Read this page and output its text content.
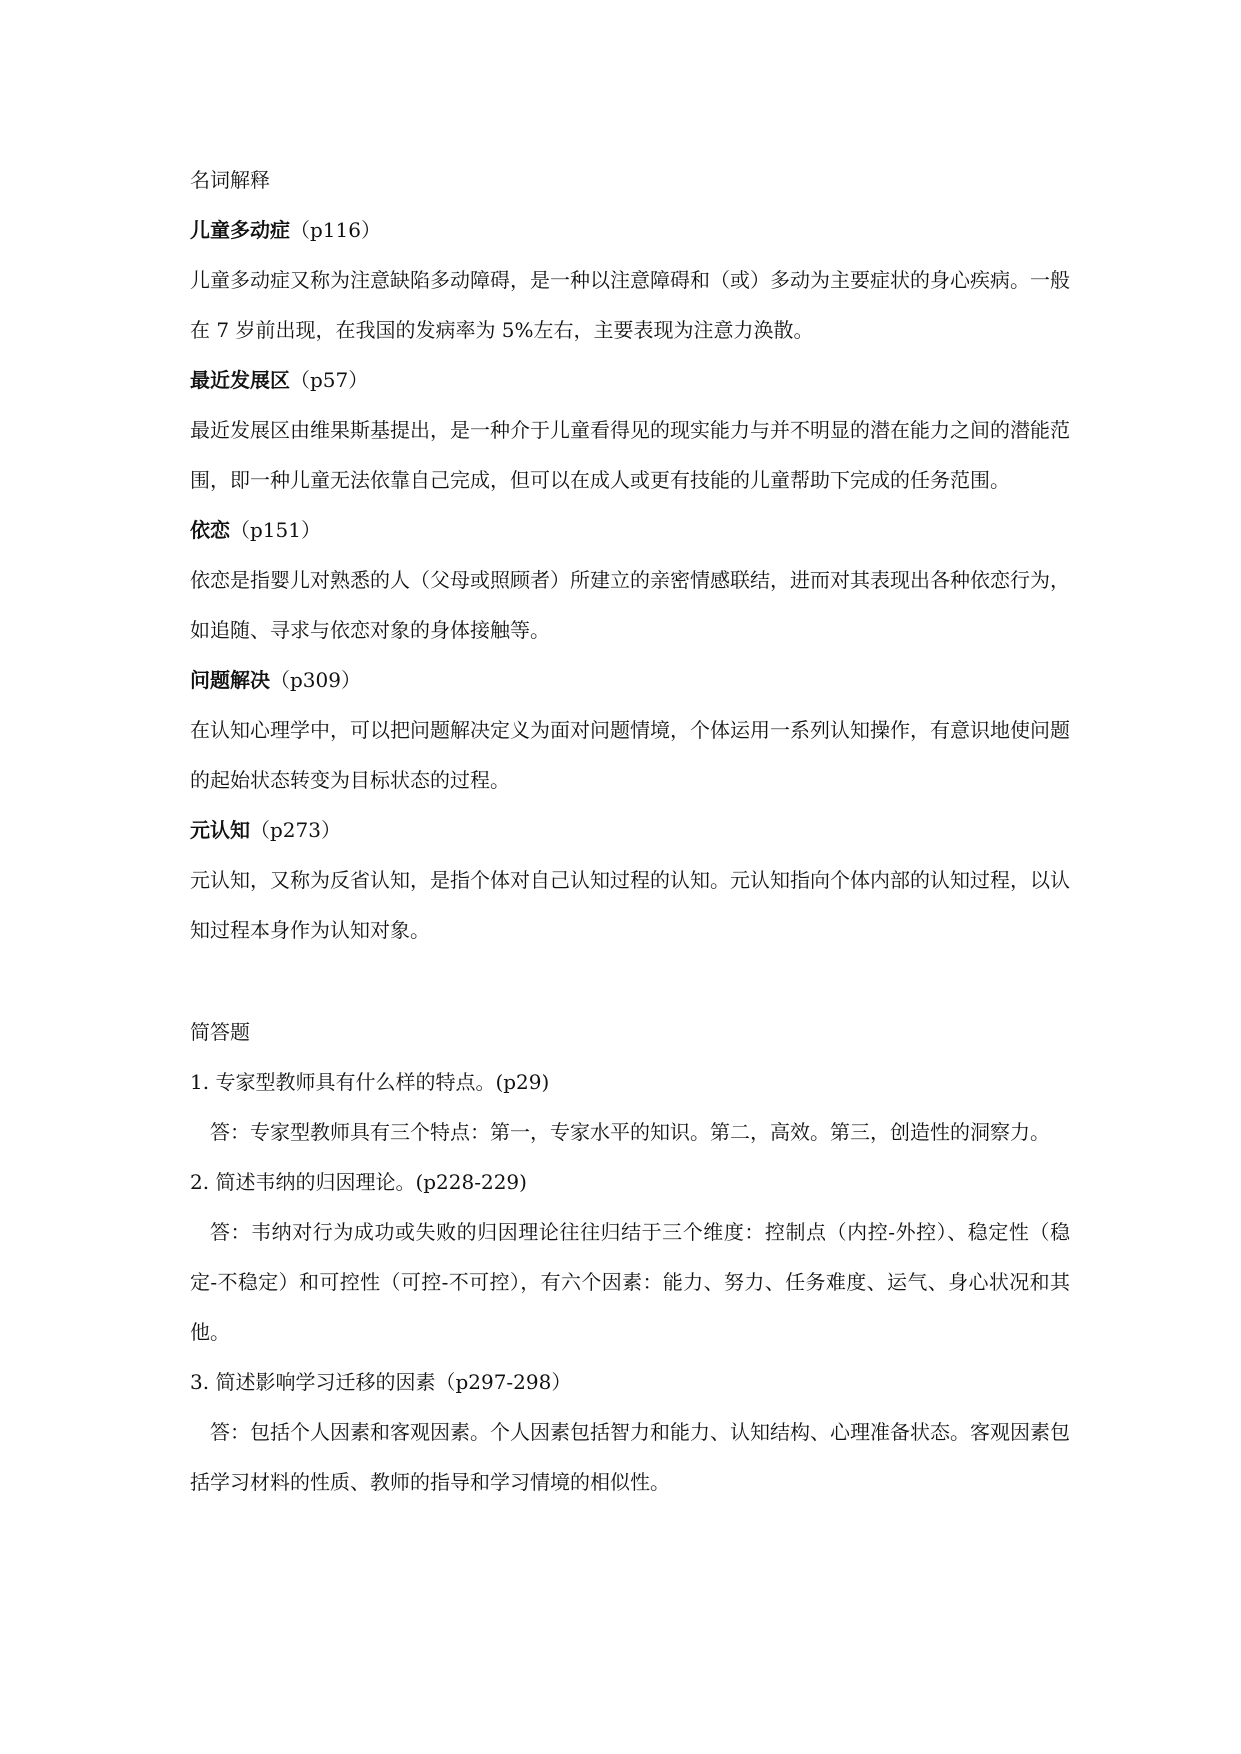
名词解释

儿童多动症（p116）

儿童多动症又称为注意缺陷多动障碍，是一种以注意障碍和（或）多动为主要症状的身心疾病。一般在 7 岁前出现，在我国的发病率为 5%左右，主要表现为注意力涣散。

最近发展区（p57）

最近发展区由维果斯基提出，是一种介于儿童看得见的现实能力与并不明显的潜在能力之间的潜能范围，即一种儿童无法依靠自己完成，但可以在成人或更有技能的儿童帮助下完成的任务范围。

依恋（p151）

依恋是指婴儿对熟悉的人（父母或照顾者）所建立的亲密情感联结，进而对其表现出各种依恋行为，如追随、寻求与依恋对象的身体接触等。

问题解决（p309）

在认知心理学中，可以把问题解决定义为面对问题情境，个体运用一系列认知操作，有意识地使问题的起始状态转变为目标状态的过程。

元认知（p273）

元认知，又称为反省认知，是指个体对自己认知过程的认知。元认知指向个体内部的认知过程，以认知过程本身作为认知对象。

简答题

1. 专家型教师具有什么样的特点。(p29)

答：专家型教师具有三个特点：第一，专家水平的知识。第二，高效。第三，创造性的洞察力。

2. 简述韦纳的归因理论。(p228-229)

答：韦纳对行为成功或失败的归因理论往往归结于三个维度：控制点（内控-外控）、稳定性（稳定-不稳定）和可控性（可控-不可控），有六个因素：能力、努力、任务难度、运气、身心状况和其他。

3. 简述影响学习迁移的因素（p297-298）

答：包括个人因素和客观因素。个人因素包括智力和能力、认知结构、心理准备状态。客观因素包括学习材料的性质、教师的指导和学习情境的相似性。
